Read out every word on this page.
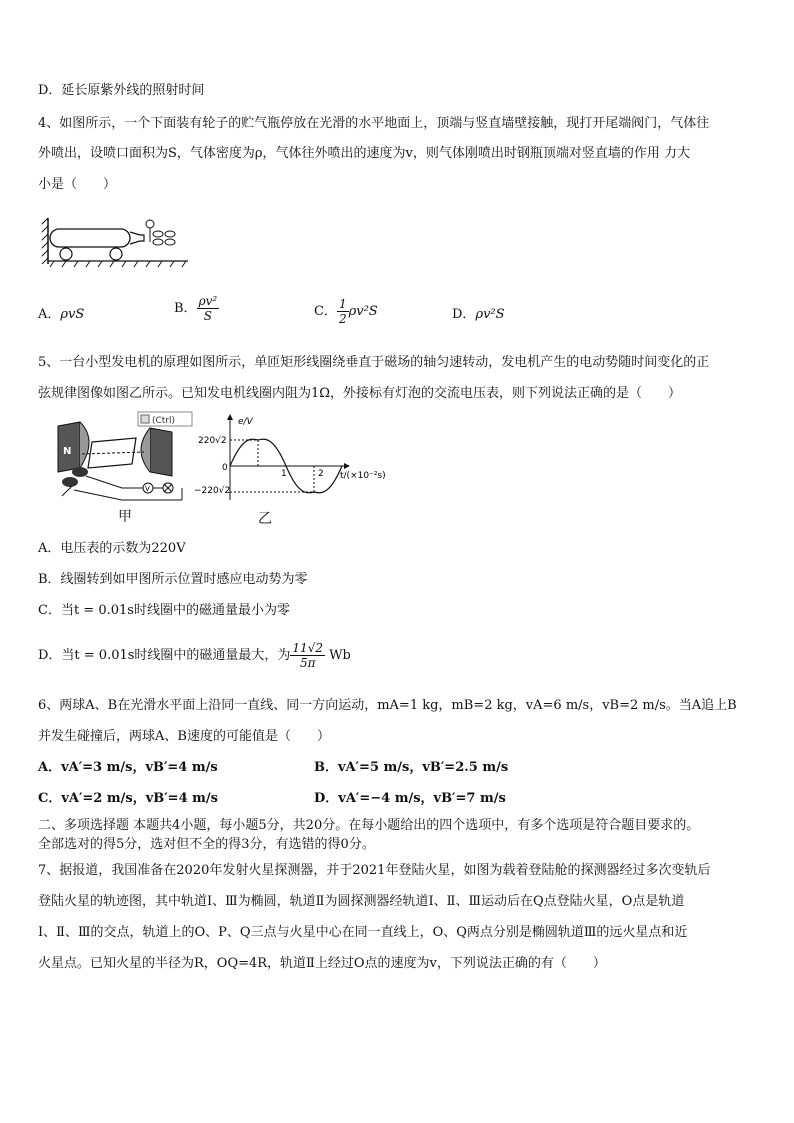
D．延长原紫外线的照射时间
4、如图所示，一个下面装有轮子的贮气瓶停放在光滑的水平地面上，顶端与竖直墙壁接触，现打开尾端阀门，气体往
外喷出，设喷口面积为S，气体密度为ρ，气体往外喷出的速度为v，则气体刚喷出时钢瓶顶端对竖直墙的作用 力大
小是（　　）
A．ρvS	B． $\frac{\text{ρv²}}{S}$	C． $\frac{1}{2} \rho v^2S$	D．ρv²S
5、一台小型发电机的原理如图所示，单匝矩形线圈绕垂直于磁场的轴匀速转动，发电机产生的电动势随时间变化的正
弦规律图像如图乙所示。已知发电机线圈内阻为1Ω，外接标有灯泡的交流电压表，则下列说法正确的是（　　）
(Ctrl)
N
V
e/V
t/(×10⁻²s)
220√2
−220√2
0
1	2
甲	乙
A．电压表的示数为220V
B．线圈转到如甲图所示位置时感应电动势为零
C．当t = 0.01s时线圈中的磁通量最小为零
D．当t = 0.01s时线圈中的磁通量最大，为 $\frac{11√2}{5\pi}$ Wb
6、两球A、B在光滑水平面上沿同一直线、同一方向运动，mA=1 kg，mB=2 kg，vA=6 m/s，vB=2 m/s。当A追上B
并发生碰撞后，两球A、B速度的可能值是（　　）
A．vA′=3 m/s，vB′=4 m/s	B．vA′=5 m/s，vB′=2.5 m/s
C．vA′=2 m/s，vB′=4 m/s	D．vA′=−4 m/s，vB′=7 m/s
二、多项选择题 本题共4小题，每小题5分，共20分。在每小题给出的四个选项中，有多个选项是符合题目要求的。
全部选对的得5分，选对但不全的得3分，有选错的得0分。
7、据报道，我国准备在2020年发射火星探测器，并于2021年登陆火星，如图为载着登陆舱的探测器经过多次变轨后
登陆火星的轨迹图，其中轨道Ⅰ、Ⅲ为椭圆，轨道Ⅱ为圆探测器经轨道Ⅰ、Ⅱ、Ⅲ运动后在Q点登陆火星，O点是轨道
Ⅰ、Ⅱ、Ⅲ的交点，轨道上的O、P、Q三点与火星中心在同一直线上，O、Q两点分别是椭圆轨道Ⅲ的远火星点和近
火星点。已知火星的半径为R，OQ=4R，轨道Ⅱ上经过O点的速度为v，下列说法正确的有（　　）
